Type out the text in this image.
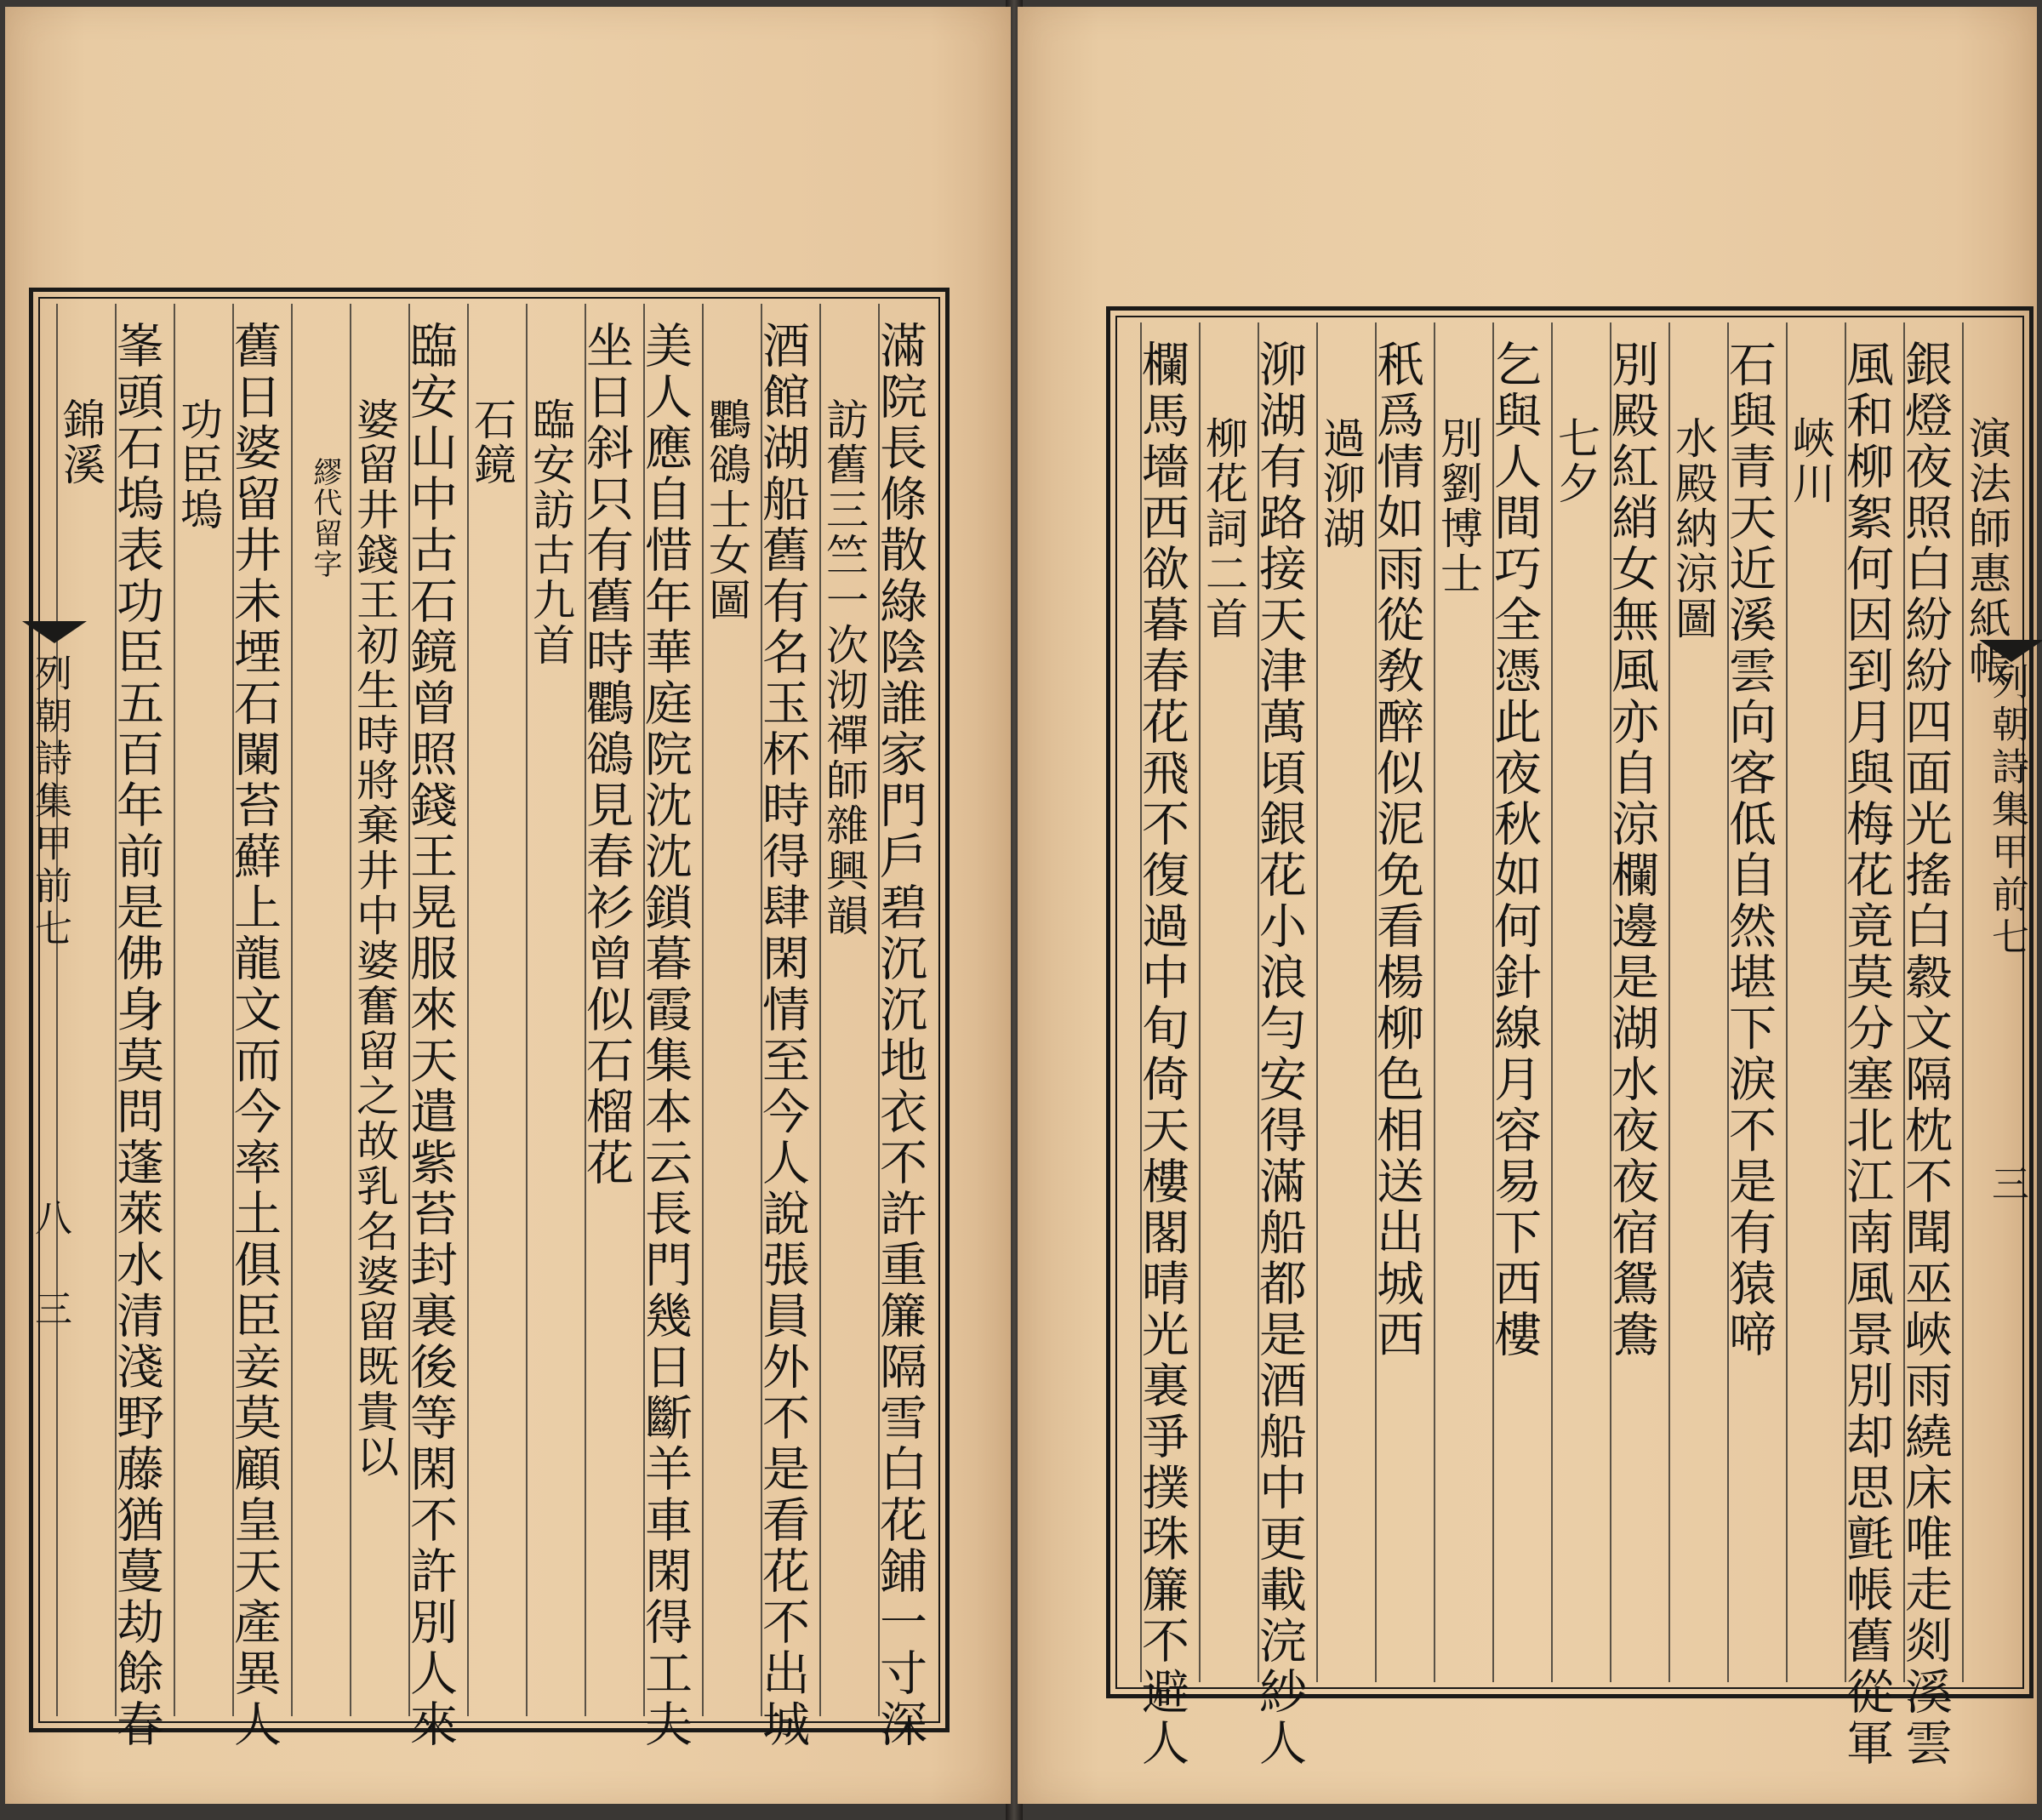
滿院長條散綠陰誰家門戶碧沉沉地衣不許重簾隔雪白花鋪一寸深
訪舊三竺一次沏禪師雜興韻
酒館湖船舊有名玉杯時得肆閑情至今人說張員外不是看花不出城
鸜鵒士女圖
美人應自惜年華庭院沈沈鎖暮霞集本云長門幾日斷羊車閑得工夫
坐日斜只有舊時鸜鵒見春衫曾似石榴花
臨安訪古九首
石鏡
臨安山中古石鏡曾照錢王晃服來天遣紫苔封裏後等閑不許別人來
婆留井錢王初生時將棄井中婆奮留之故乳名婆留既貴以
繆代留字
舊日婆留井未堙石闌苔蘚上龍文而今率土俱臣妾莫顧皇天產異人
功臣塢
峯頭石塢表功臣五百年前是佛身莫問蓬萊水清淺野藤猶蔓劫餘春
錦溪
列朝詩集甲前七
八 三
演法師惠紙帳
銀燈夜照白紛紛四面光搖白縠文隔枕不聞巫峽雨繞床唯走剡溪雲
風和柳絮何因到月與梅花竟莫分塞北江南風景別却思氈帳舊從軍
峽川
石與青天近溪雲向客低自然堪下淚不是有猿啼
水殿納涼圖
別殿紅綃女無風亦自涼欄邊是湖水夜夜宿鴛鴦
七夕
乞與人間巧全憑此夜秋如何針線月容易下西樓
別劉博士
秖爲情如雨從敎醉似泥免看楊柳色相送出城西
過泖湖
泖湖有路接天津萬頃銀花小浪勻安得滿船都是酒船中更載浣紗人
柳花詞二首
欄馬墻西欲暮春花飛不復過中旬倚天樓閣晴光裏爭撲珠簾不避人	列朝詩集甲前七
三
